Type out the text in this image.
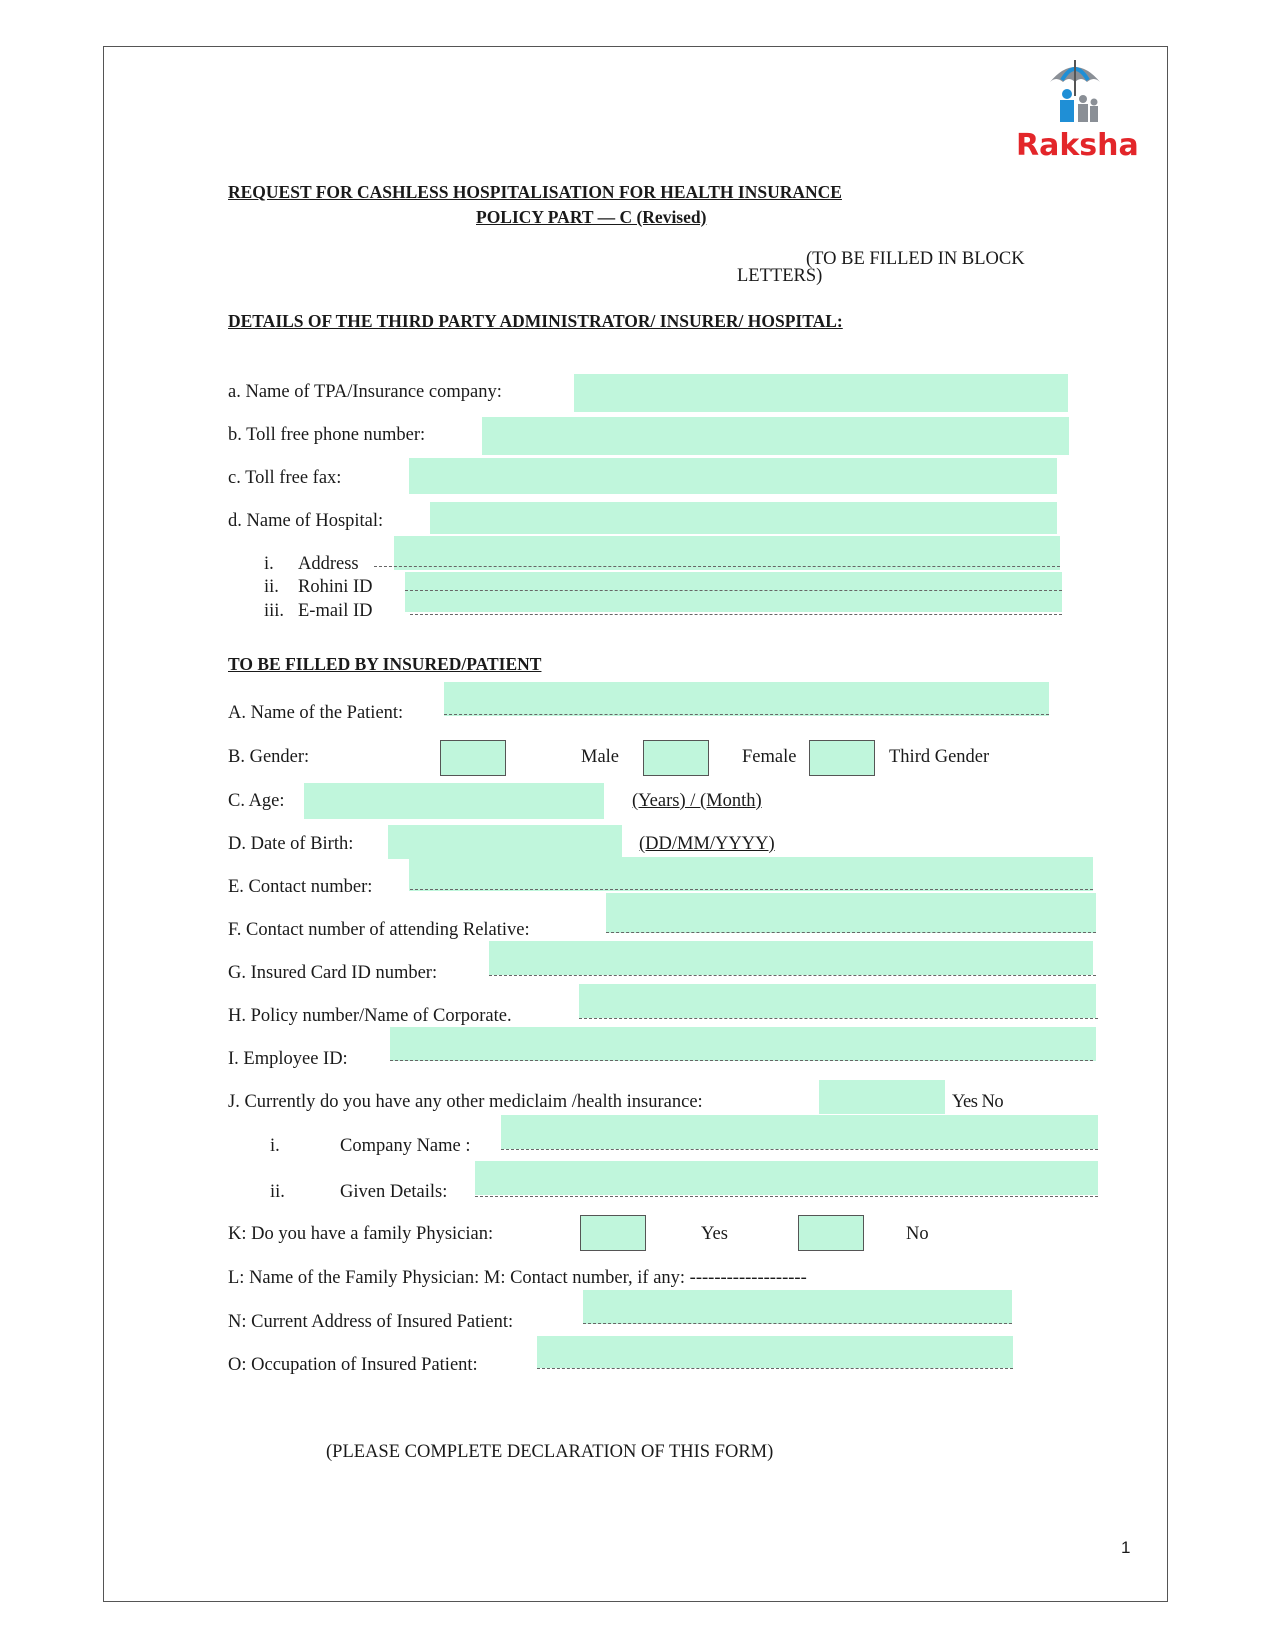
Raksha
REQUEST FOR CASHLESS HOSPITALISATION FOR HEALTH INSURANCE
POLICY PART — C (Revised)
(TO BE FILLED IN BLOCK
LETTERS)
DETAILS OF THE THIRD PARTY ADMINISTRATOR/ INSURER/ HOSPITAL:
a. Name of TPA/Insurance company:
b. Toll free phone number:
c. Toll free fax:
d. Name of Hospital:
i. Address
ii. Rohini ID
iii. E-mail ID
TO BE FILLED BY INSURED/PATIENT
A. Name of the Patient:
B. Gender:	Male	Female	Third Gender
C. Age:	(Years) / (Month)
D. Date of Birth:	(DD/MM/YYYY)
E. Contact number:
F. Contact number of attending Relative:
G. Insured Card ID number:
H. Policy number/Name of Corporate.
I. Employee ID:
J. Currently do you have any other mediclaim /health insurance:	Yes No
i.	Company Name :
ii.	Given Details:
K: Do you have a family Physician:	Yes	No
L: Name of the Family Physician: M: Contact number, if any: -------------------
N: Current Address of Insured Patient:
O: Occupation of Insured Patient:
(PLEASE COMPLETE DECLARATION OF THIS FORM)
1
